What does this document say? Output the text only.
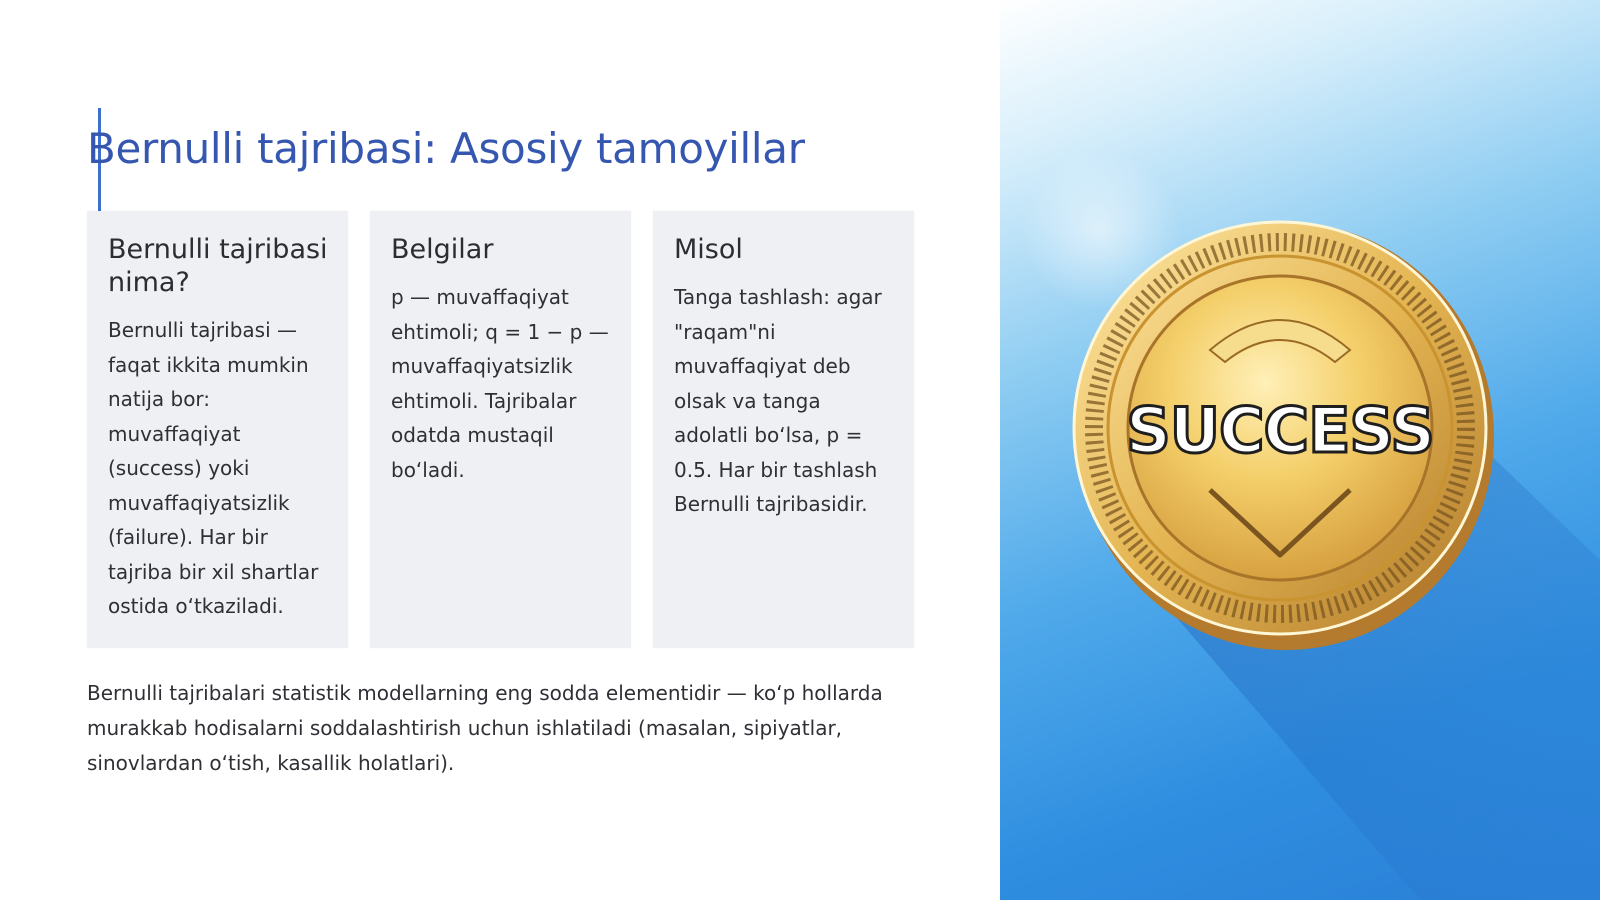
Bernulli tajribasi: Asosiy tamoyillar
Bernulli tajribasi nima?

Bernulli tajribasi — faqat ikkita mumkin natija bor: muvaffaqiyat (success) yoki muvaffaqiyatsizlik (failure). Har bir tajriba bir xil shartlar ostida o‘tkaziladi.

Belgilar

p — muvaffaqiyat ehtimoli; q = 1 − p — muvaffaqiyatsizlik ehtimoli. Tajribalar odatda mustaqil bo‘ladi.

Misol

Tanga tashlash: agar "raqam"ni muvaffaqiyat deb olsak va tanga adolatli bo‘lsa, p = 0.5. Har bir tashlash Bernulli tajribasidir.

Bernulli tajribalari statistik modellarning eng sodda elementidir — ko‘p hollarda murakkab hodisalarni soddalashtirish uchun ishlatiladi (masalan, sipiyatlar, sinovlardan o‘tish, kasallik holatlari).

SUCCESS
